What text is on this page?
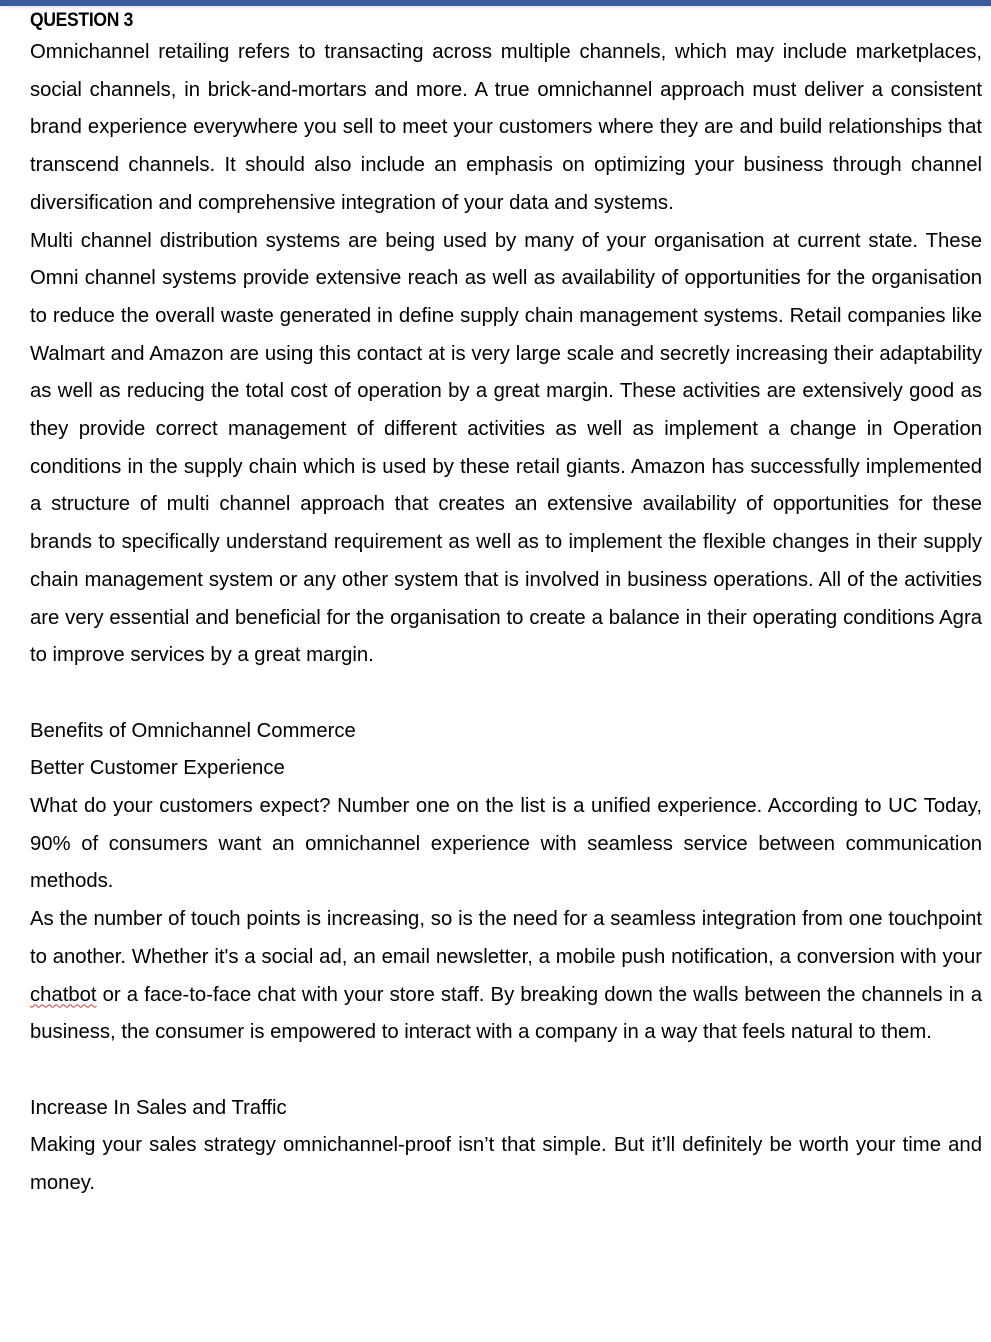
QUESTION 3

Omnichannel retailing refers to transacting across multiple channels, which may include marketplaces, social channels, in brick-and-mortars and more. A true omnichannel approach must deliver a consistent brand experience everywhere you sell to meet your customers where they are and build relationships that transcend channels. It should also include an emphasis on optimizing your business through channel diversification and comprehensive integration of your data and systems.

Multi channel distribution systems are being used by many of your organisation at current state. These Omni channel systems provide extensive reach as well as availability of opportunities for the organisation to reduce the overall waste generated in define supply chain management systems. Retail companies like Walmart and Amazon are using this contact at is very large scale and secretly increasing their adaptability as well as reducing the total cost of operation by a great margin. These activities are extensively good as they provide correct management of different activities as well as implement a change in Operation conditions in the supply chain which is used by these retail giants. Amazon has successfully implemented a structure of multi channel approach that creates an extensive availability of opportunities for these brands to specifically understand requirement as well as to implement the flexible changes in their supply chain management system or any other system that is involved in business operations. All of the activities are very essential and beneficial for the organisation to create a balance in their operating conditions Agra to improve services by a great margin.

Benefits of Omnichannel Commerce

Better Customer Experience

What do your customers expect? Number one on the list is a unified experience. According to UC Today, 90% of consumers want an omnichannel experience with seamless service between communication methods.

As the number of touch points is increasing, so is the need for a seamless integration from one touchpoint to another. Whether it's a social ad, an email newsletter, a mobile push notification, a conversion with your chatbot or a face-to-face chat with your store staff. By breaking down the walls between the channels in a business, the consumer is empowered to interact with a company in a way that feels natural to them.

Increase In Sales and Traffic

Making your sales strategy omnichannel-proof isn’t that simple. But it’ll definitely be worth your time and money.
